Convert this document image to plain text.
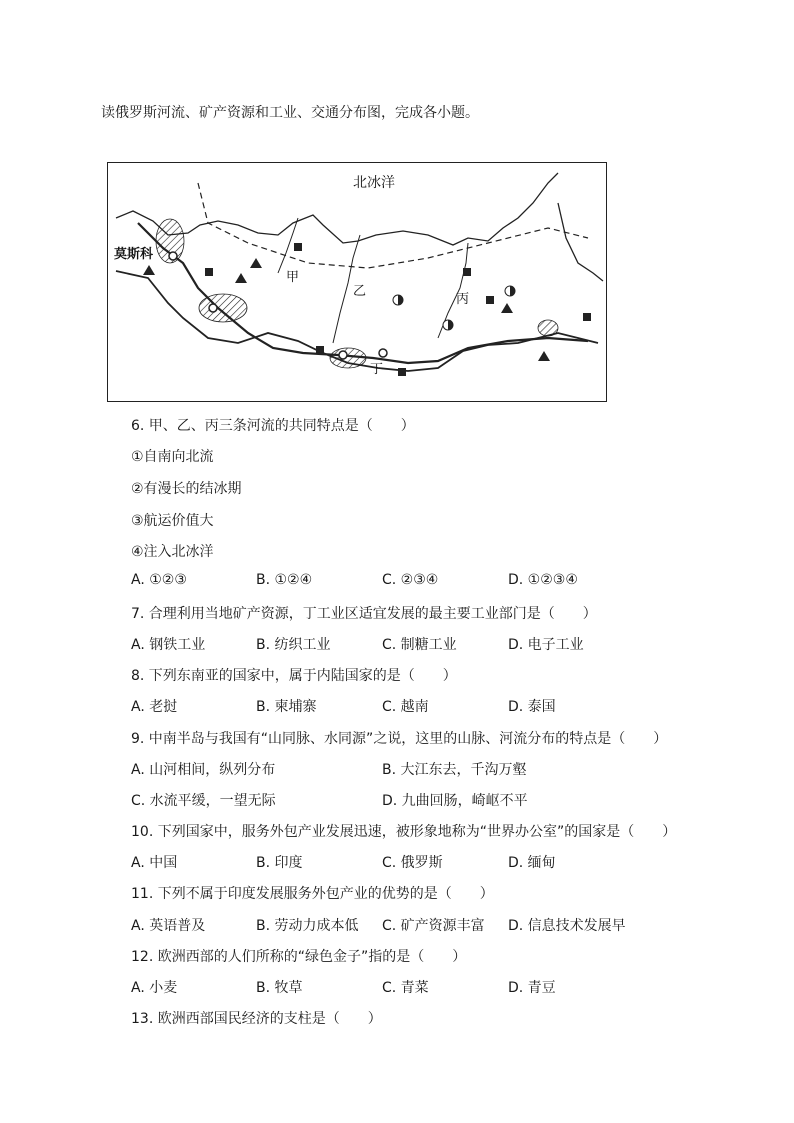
读俄罗斯河流、矿产资源和工业、交通分布图，完成各小题。
北冰洋
莫斯科
甲
乙
丙
丁
6. 甲、乙、丙三条河流的共同特点是（　　）
①自南向北流
②有漫长的结冰期
③航运价值大
④注入北冰洋
A. ①②③	B. ①②④	C. ②③④	D. ①②③④
7. 合理利用当地矿产资源，丁工业区适宜发展的最主要工业部门是（　　）
A. 钢铁工业	B. 纺织工业	C. 制糖工业	D. 电子工业
8. 下列东南亚的国家中，属于内陆国家的是（　　）
A. 老挝	B. 柬埔寨	C. 越南	D. 泰国
9. 中南半岛与我国有“山同脉、水同源”之说，这里的山脉、河流分布的特点是（　　）
A. 山河相间，纵列分布	B. 大江东去，千沟万壑
C. 水流平缓，一望无际	D. 九曲回肠，崎岖不平
10. 下列国家中，服务外包产业发展迅速，被形象地称为“世界办公室”的国家是（　　）
A. 中国	B. 印度	C. 俄罗斯	D. 缅甸
11. 下列不属于印度发展服务外包产业的优势的是（　　）
A. 英语普及	B. 劳动力成本低 C. 矿产资源丰富 D. 信息技术发展早
12. 欧洲西部的人们所称的“绿色金子”指的是（　　）
A. 小麦	B. 牧草	C. 青菜	D. 青豆
13. 欧洲西部国民经济的支柱是（　　）
